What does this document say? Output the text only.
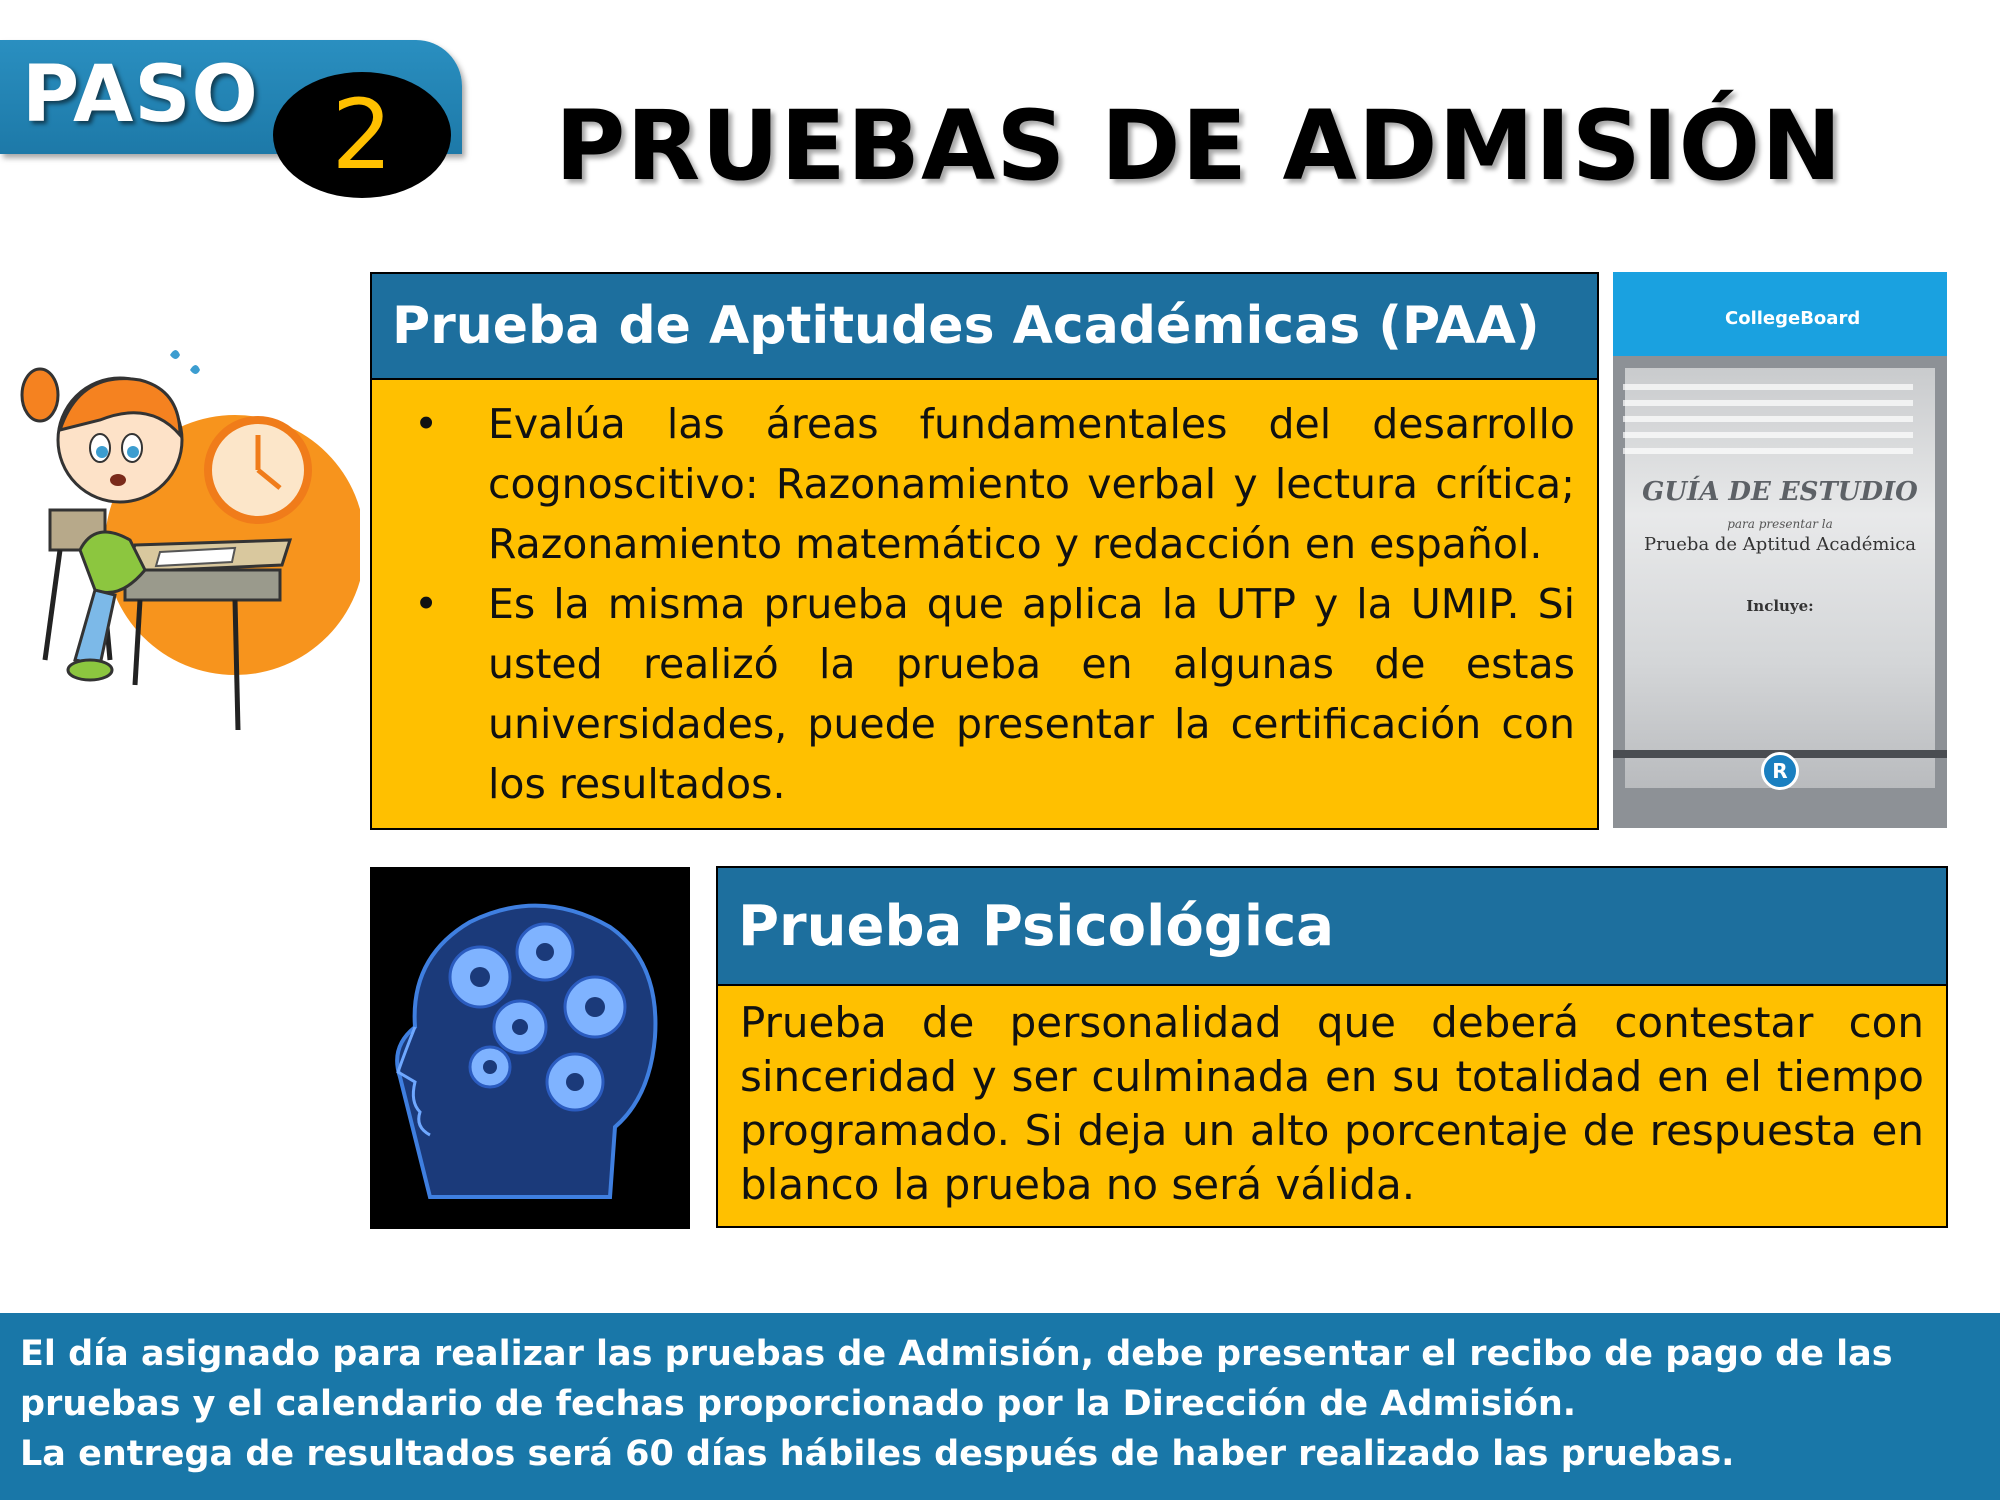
PASO 2	PRUEBAS DE ADMISIÓN
Prueba de Aptitudes Académicas (PAA)
• Evalúa las áreas fundamentales del desarrollo cognoscitivo: Razonamiento verbal y lectura crítica; Razonamiento matemático y redacción en español.
• Es la misma prueba que aplica la UTP y la UMIP. Si usted realizó la prueba en algunas de estas universidades, puede presentar la certificación con los resultados.
CollegeBoard
GUÍA DE ESTUDIO
para presentar la
Prueba de Aptitud Académica
Incluye:
R
Prueba Psicológica
Prueba de personalidad que deberá contestar con sinceridad y ser culminada en su totalidad en el tiempo programado. Si deja un alto porcentaje de respuesta en blanco la prueba no será válida.
El día asignado para realizar las pruebas de Admisión, debe presentar el recibo de pago de las pruebas y el calendario de fechas proporcionado por la Dirección de Admisión.
La entrega de resultados será 60 días hábiles después de haber realizado las pruebas.
